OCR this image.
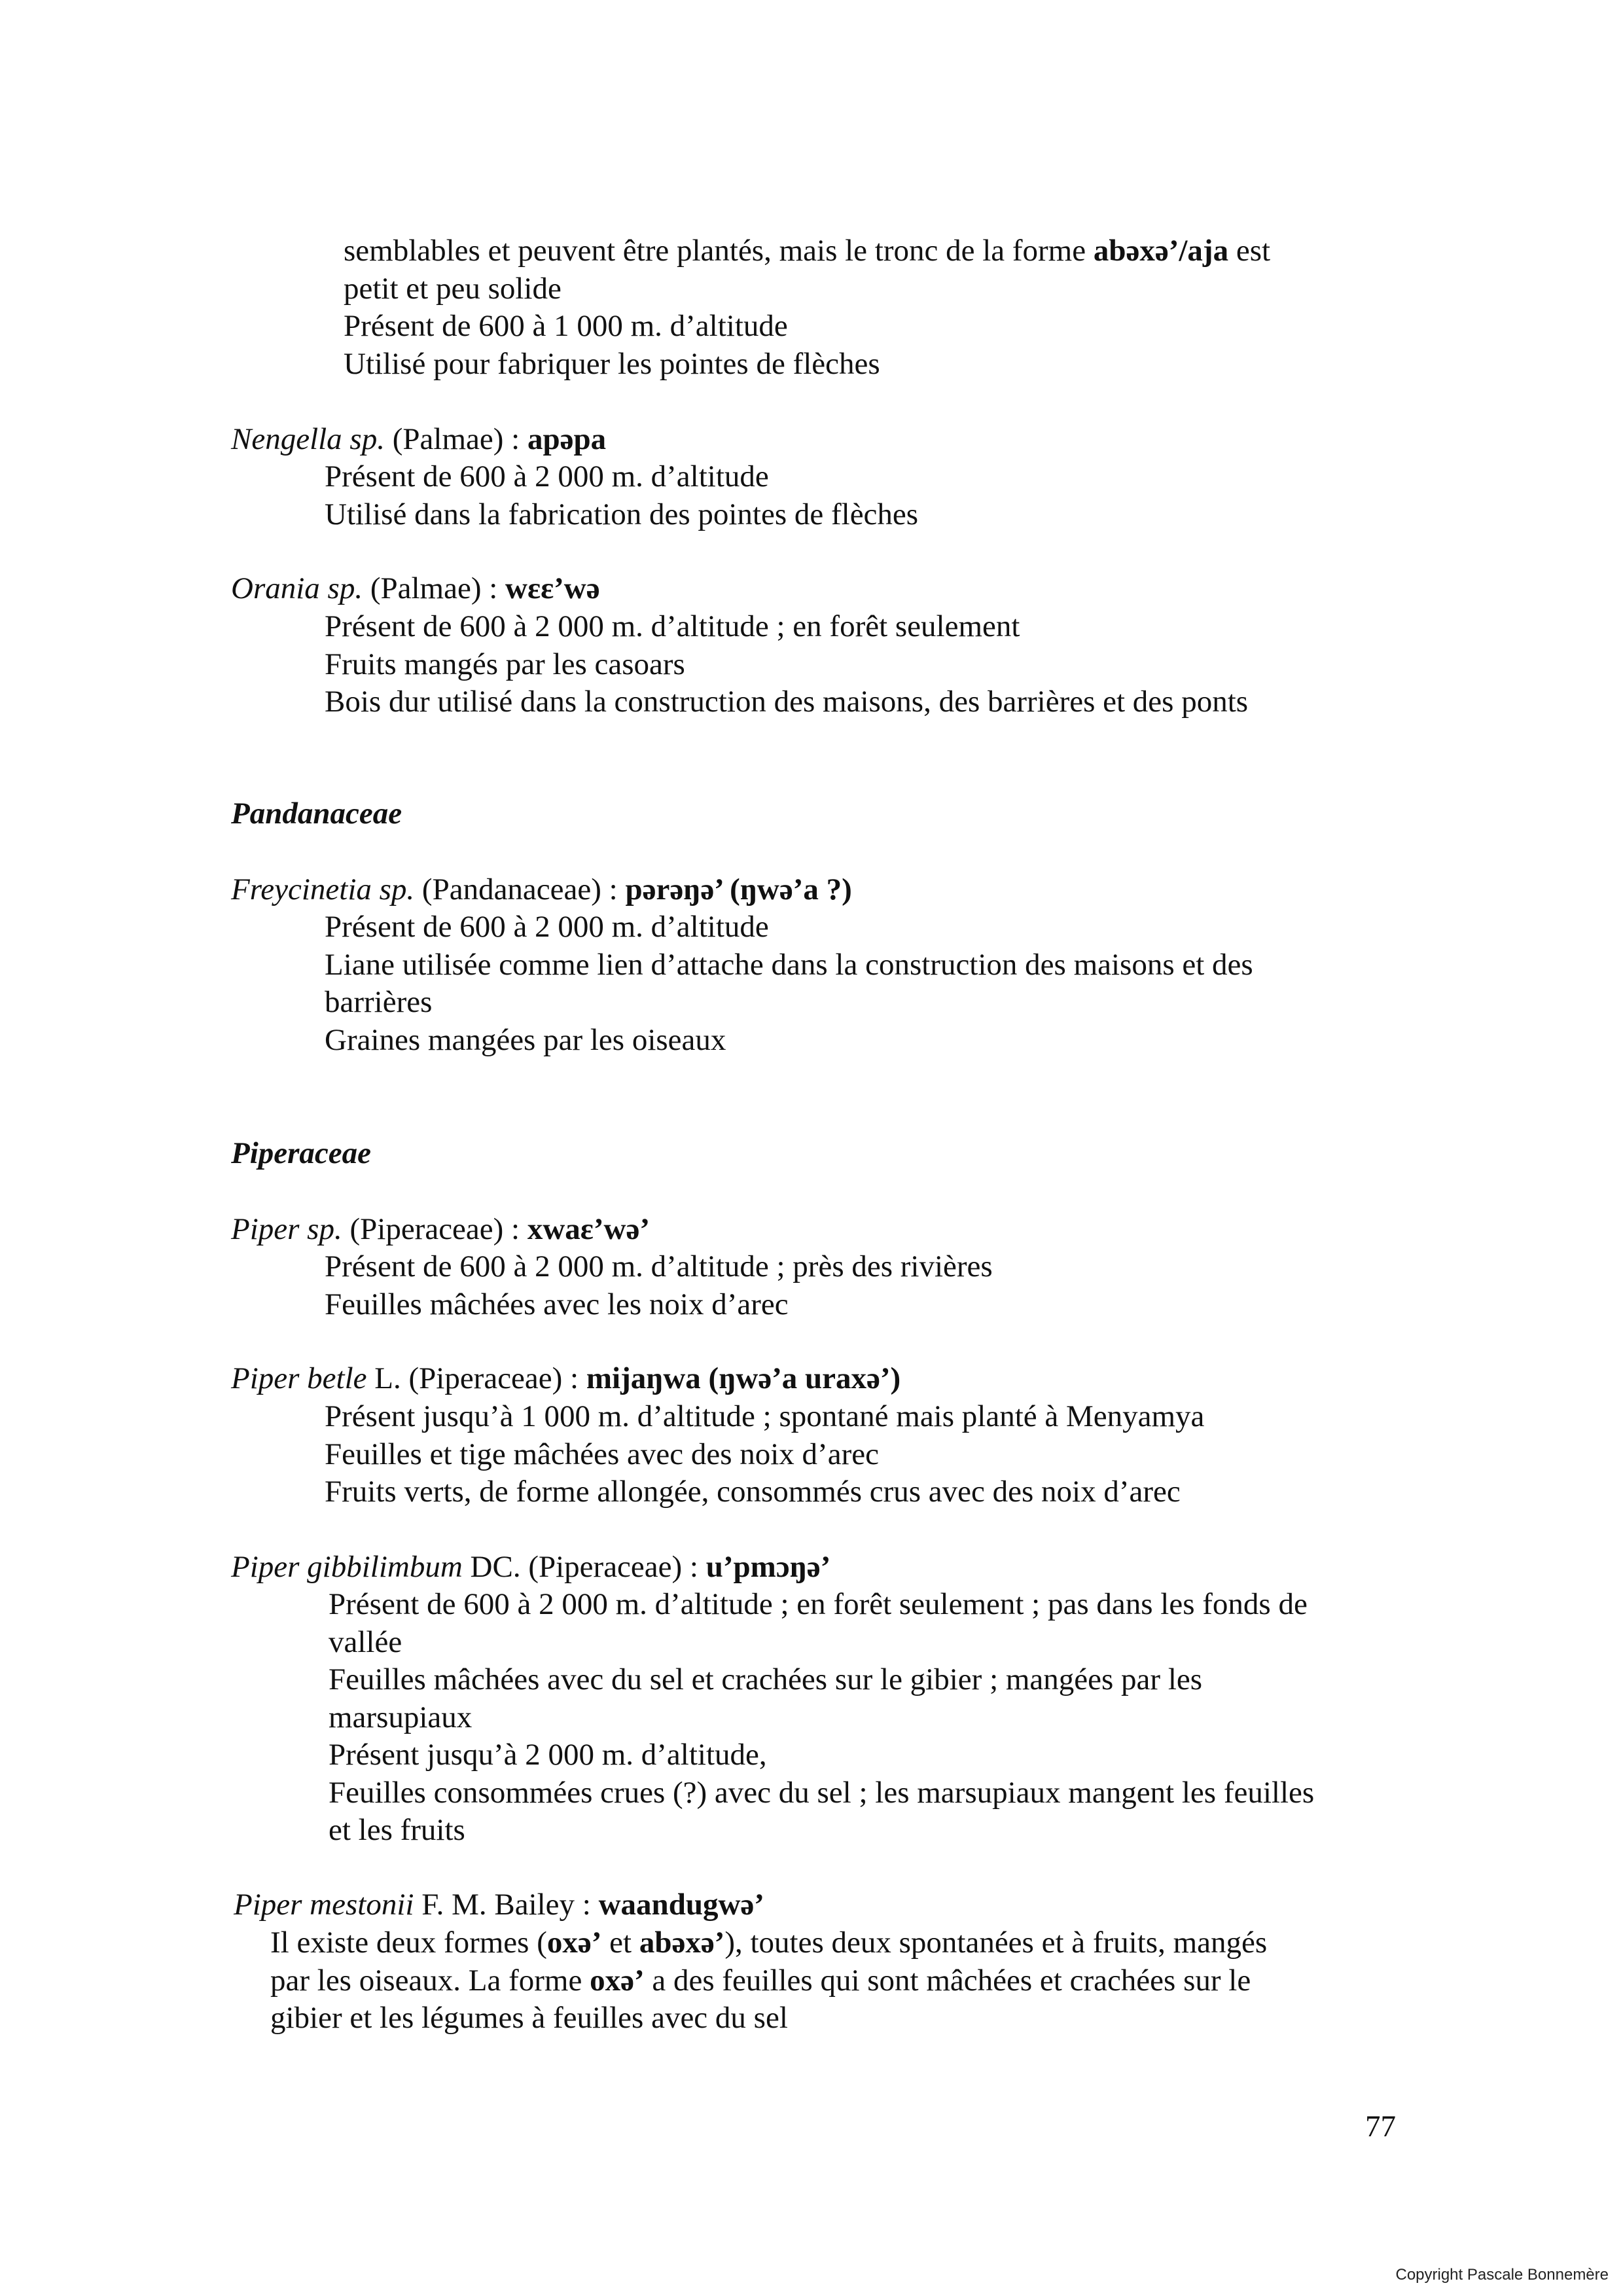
semblables et peuvent être plantés, mais le tronc de la forme abəxə’/aja est
petit et peu solide
Présent de 600 à 1 000 m. d’altitude
Utilisé pour fabriquer les pointes de flèches
Nengella sp. (Palmae) : apəpa
Présent de 600 à 2 000 m. d’altitude
Utilisé dans la fabrication des pointes de flèches
Orania sp. (Palmae) : wεε’wə
Présent de 600 à 2 000 m. d’altitude ; en forêt seulement
Fruits mangés par les casoars
Bois dur utilisé dans la construction des maisons, des barrières et des ponts
Pandanaceae
Freycinetia sp. (Pandanaceae) : pərəŋə’ (ŋwə’a ?)
Présent de 600 à 2 000 m. d’altitude
Liane utilisée comme lien d’attache dans la construction des maisons et des
barrières
Graines mangées par les oiseaux
Piperaceae
Piper sp. (Piperaceae) : xwaε’wə’
Présent de 600 à 2 000 m. d’altitude ; près des rivières
Feuilles mâchées avec les noix d’arec
Piper betle L. (Piperaceae) : mijaŋwa (ŋwə’a uraxə’)
Présent jusqu’à 1 000 m. d’altitude ; spontané mais planté à Menyamya
Feuilles et tige mâchées avec des noix d’arec
Fruits verts, de forme allongée, consommés crus avec des noix d’arec
Piper gibbilimbum DC. (Piperaceae) : u’pmɔŋə’
Présent de 600 à 2 000 m. d’altitude ; en forêt seulement ; pas dans les fonds de
vallée
Feuilles mâchées avec du sel et crachées sur le gibier ; mangées par les
marsupiaux
Présent jusqu’à 2 000 m. d’altitude,
Feuilles consommées crues (?) avec du sel ; les marsupiaux mangent les feuilles
et les fruits
Piper mestonii F. M. Bailey : waandugwə’
Il existe deux formes (oxə’ et abəxə’), toutes deux spontanées et à fruits, mangés
par les oiseaux. La forme oxə’ a des feuilles qui sont mâchées et crachées sur le
gibier et les légumes à feuilles avec du sel
77
Copyright Pascale Bonnemère
